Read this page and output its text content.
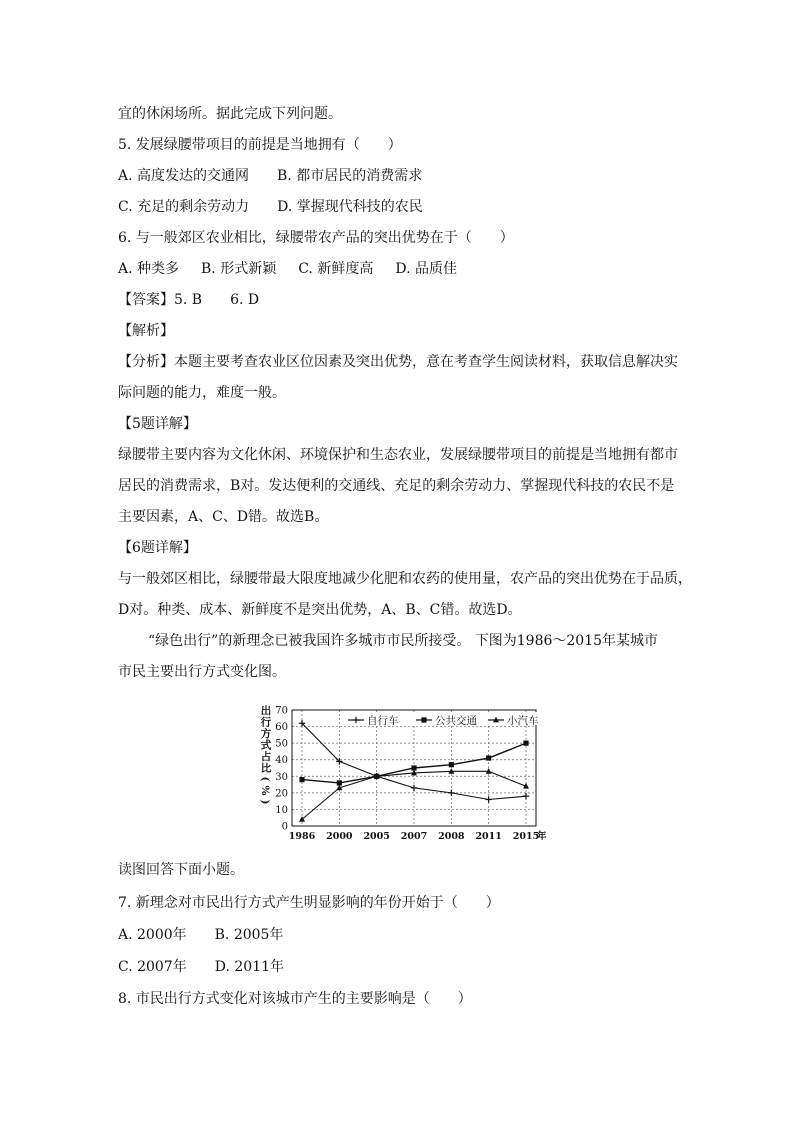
宜的休闲场所。据此完成下列问题。
5. 发展绿腰带项目的前提是当地拥有（　　）
A. 高度发达的交通网 B. 都市居民的消费需求
C. 充足的剩余劳动力 D. 掌握现代科技的农民
6. 与一般郊区农业相比，绿腰带农产品的突出优势在于（　　）
A. 种类多 B. 形式新颖 C. 新鲜度高 D. 品质佳
【答案】5. B　　6. D
【解析】
【分析】本题主要考查农业区位因素及突出优势，意在考查学生阅读材料，获取信息解决实
际问题的能力，难度一般。
【5题详解】
绿腰带主要内容为文化休闲、环境保护和生态农业，发展绿腰带项目的前提是当地拥有都市
居民的消费需求，B对。发达便利的交通线、充足的剩余劳动力、掌握现代科技的农民不是
主要因素，A、C、D错。故选B。
【6题详解】
与一般郊区相比，绿腰带最大限度地减少化肥和农药的使用量，农产品的突出优势在于品质，
D对。种类、成本、新鲜度不是突出优势，A、B、C错。故选D。
“绿色出行”的新理念已被我国许多城市市民所接受。 下图为1986～2015年某城市
市民主要出行方式变化图。
0
10
20
30
40
50
60
70
1986 2000 2005 2007 2008 2011 2015
年
自行车	公共交通	小汽车
出
行
方
式
占
比
(
%
)
读图回答下面小题。
7. 新理念对市民出行方式产生明显影响的年份开始于（　　）
A. 2000年 B. 2005年
C. 2007年 D. 2011年
8. 市民出行方式变化对该城市产生的主要影响是（　　）
